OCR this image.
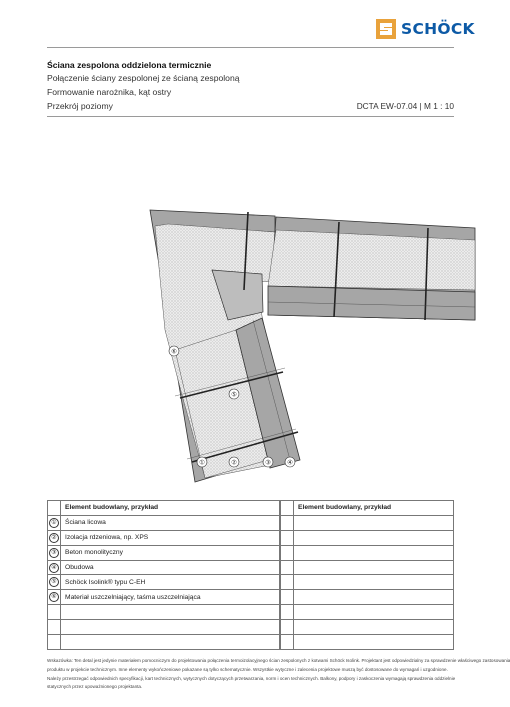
SCHÖCK
Ściana zespolona oddzielona termicznie
Połączenie ściany zespolonej ze ścianą zespoloną
Formowanie narożnika, kąt ostry
Przekrój poziomy	DCTA EW-07.04 | M 1 : 10
①	②	③ ④
⑤
⑥
	Element budowlany, przykład
①	Ściana licowa
②	Izolacja rdzeniowa, np. XPS
③	Beton monolityczny
④	Obudowa
⑤	Schöck Isolink® typu C-EH
⑥	Materiał uszczelniający, taśma uszczelniająca

	Element budowlany, przykład

Wskazówka: Ten detal jest jedynie materiałem pomocniczym do projektowania połączenia termoizolacyjnego ścian zespolonych z kotwami Schöck Isolink. Projektant jest odpowiedzialny za sprawdzenie właściwego zastosowania
produktu w projekcie technicznym. Inne elementy wykończeniowe pokazane są tylko schematycznie. Wszystkie wytyczne i zalecenia projektowe muszą być dostosowane do wymagań i uzgodnione.
Należy przestrzegać odpowiednich specyfikacji, kart technicznych, wytycznych dotyczących przetwarzania, norm i ocen technicznych. Balkony, podpory i zaskoczenia wymagają sprawdzenia oddzielnie
statycznych przez upoważnionego projektanta.
